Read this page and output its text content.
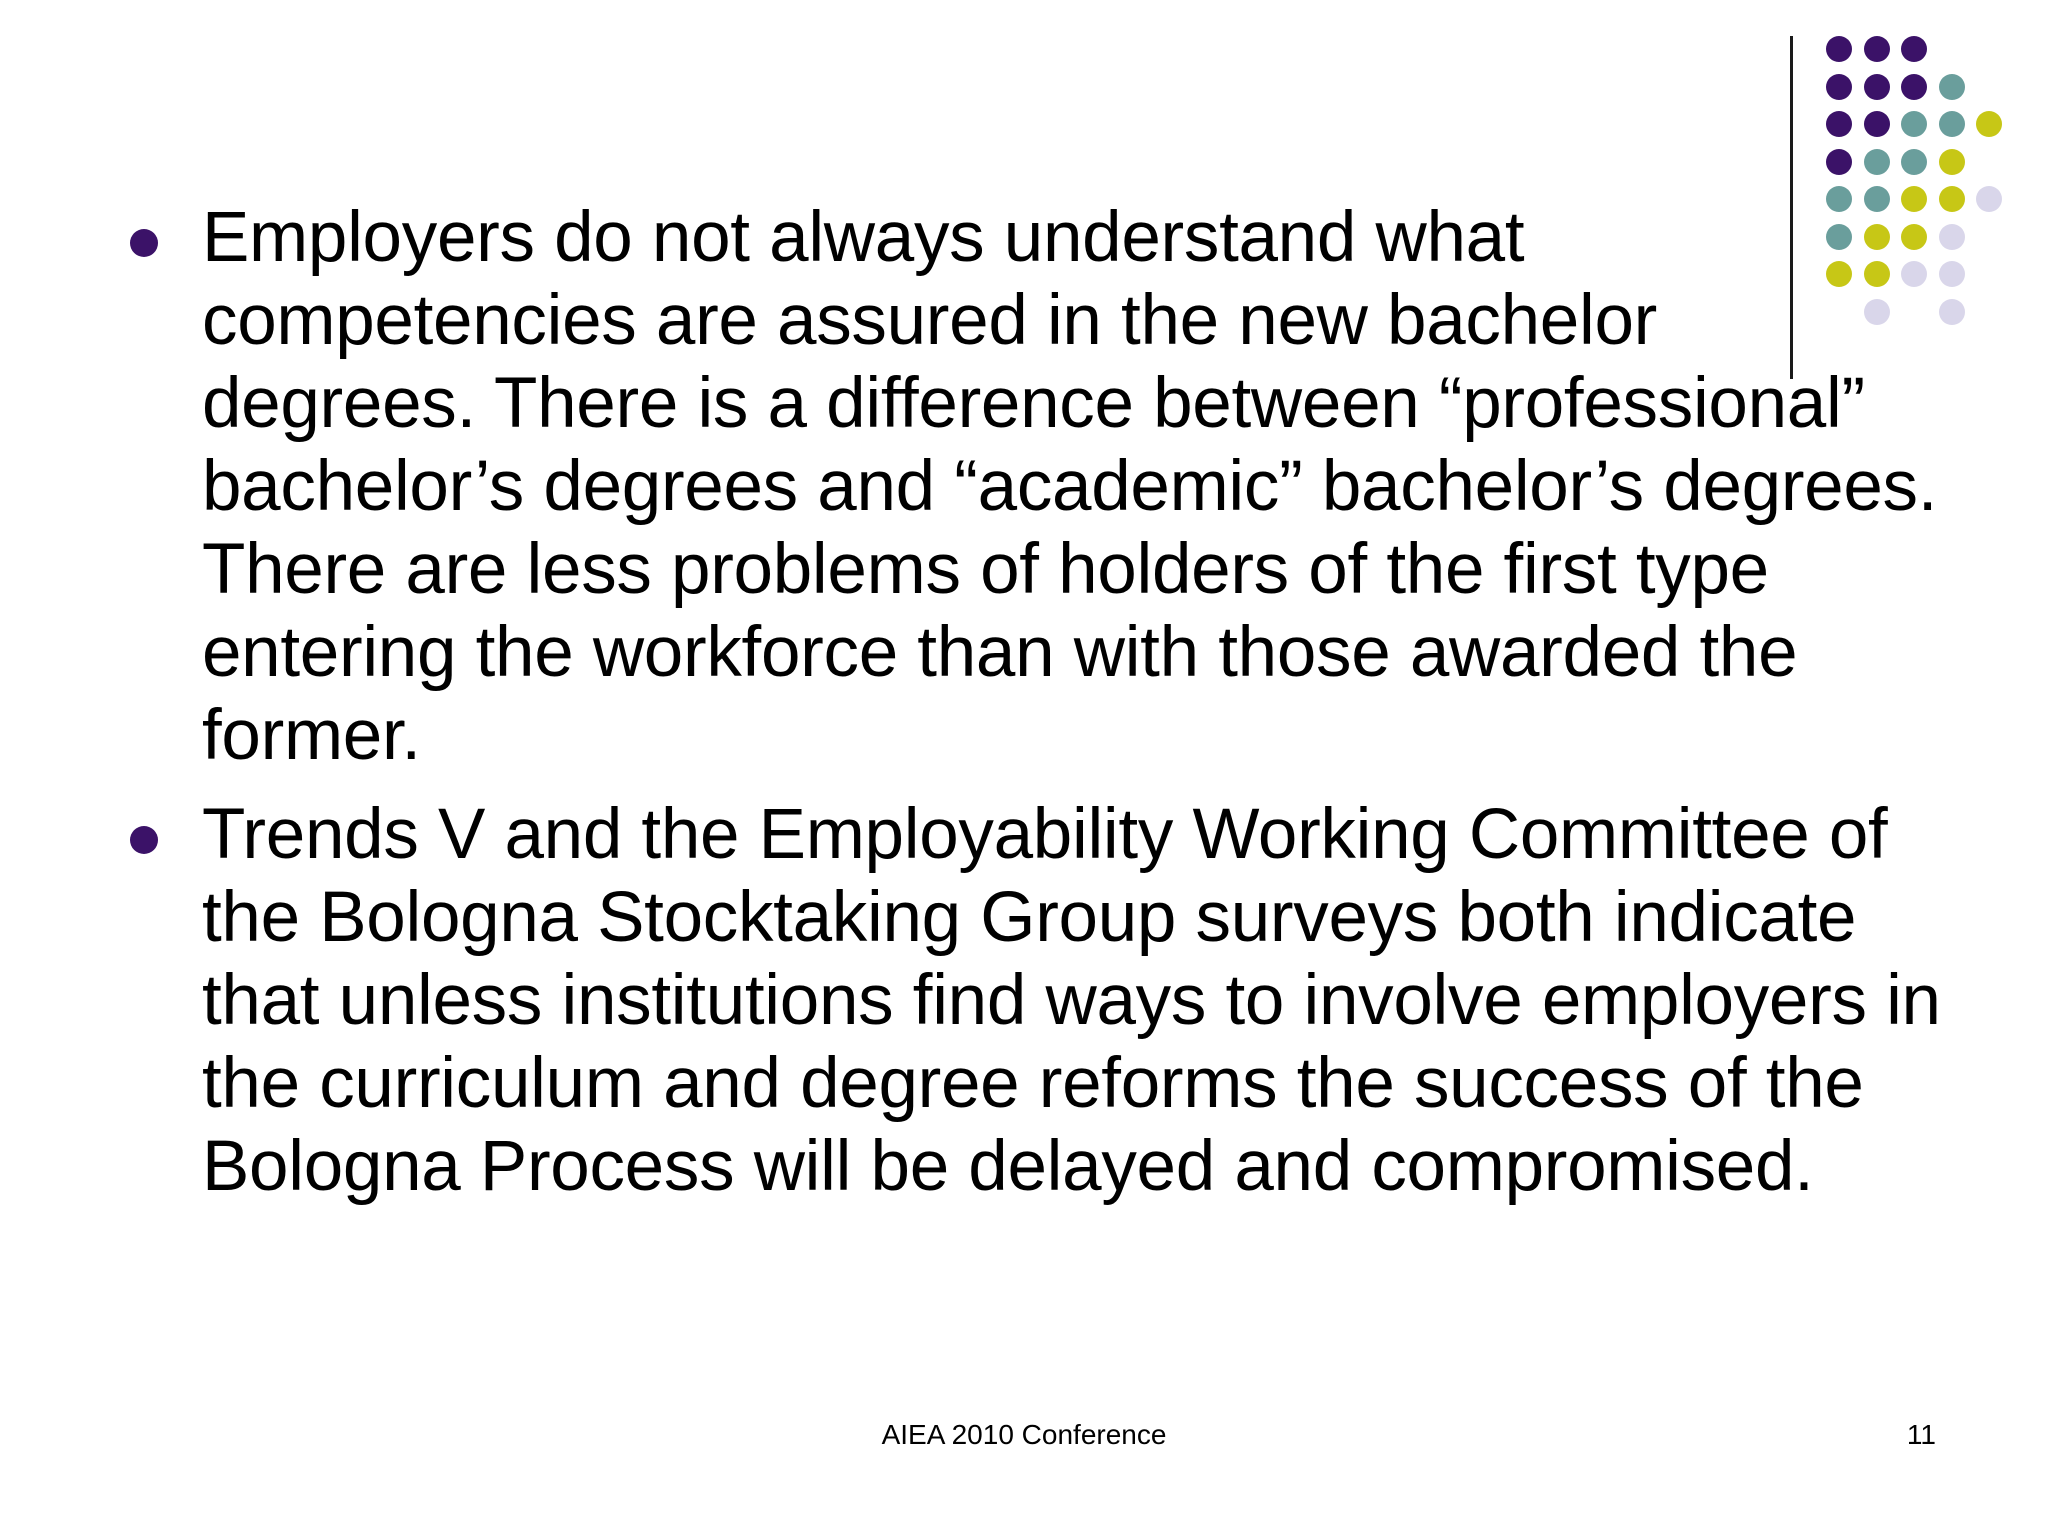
Employers do not always understand what competencies are assured in the new bachelor degrees. There is a difference between “professional” bachelor’s degrees and “academic” bachelor’s degrees. There are less problems of holders of the first type entering the workforce than with those awarded the former.
Trends V and the Employability Working Committee of the Bologna Stocktaking Group surveys both indicate that unless institutions find ways to involve employers in the curriculum and degree reforms the success of the Bologna Process will be delayed and compromised.
AIEA 2010 Conference	11
